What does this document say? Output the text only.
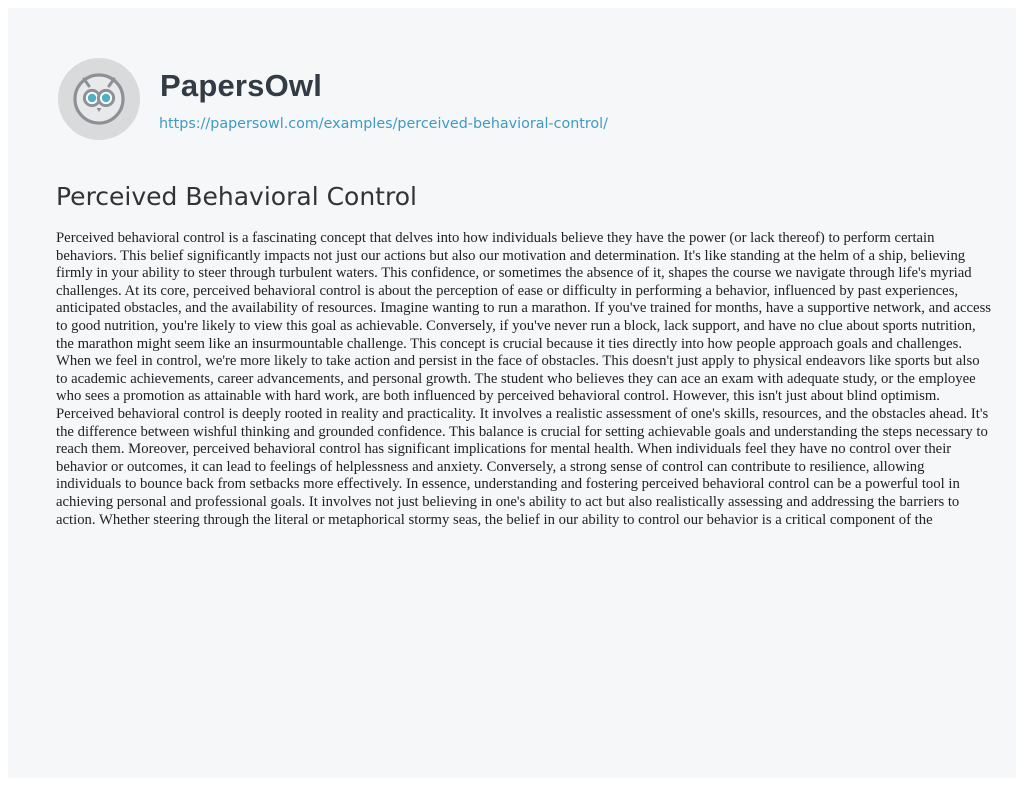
PapersOwl
https://papersowl.com/examples/perceived-behavioral-control/
Perceived Behavioral Control

Perceived behavioral control is a fascinating concept that delves into how individuals believe they have the power (or lack thereof) to perform certain behaviors. This belief significantly impacts not just our actions but also our motivation and determination. It's like standing at the helm of a ship, believing firmly in your ability to steer through turbulent waters. This confidence, or sometimes the absence of it, shapes the course we navigate through life's myriad challenges. At its core, perceived behavioral control is about the perception of ease or difficulty in performing a behavior, influenced by past experiences, anticipated obstacles, and the availability of resources. Imagine wanting to run a marathon. If you've trained for months, have a supportive network, and access to good nutrition, you're likely to view this goal as achievable. Conversely, if you've never run a block, lack support, and have no clue about sports nutrition, the marathon might seem like an insurmountable challenge. This concept is crucial because it ties directly into how people approach goals and challenges. When we feel in control, we're more likely to take action and persist in the face of obstacles. This doesn't just apply to physical endeavors like sports but also to academic achievements, career advancements, and personal growth. The student who believes they can ace an exam with adequate study, or the employee who sees a promotion as attainable with hard work, are both influenced by perceived behavioral control. However, this isn't just about blind optimism. Perceived behavioral control is deeply rooted in reality and practicality. It involves a realistic assessment of one's skills, resources, and the obstacles ahead. It's the difference between wishful thinking and grounded confidence. This balance is crucial for setting achievable goals and understanding the steps necessary to reach them. Moreover, perceived behavioral control has significant implications for mental health. When individuals feel they have no control over their behavior or outcomes, it can lead to feelings of helplessness and anxiety. Conversely, a strong sense of control can contribute to resilience, allowing individuals to bounce back from setbacks more effectively. In essence, understanding and fostering perceived behavioral control can be a powerful tool in achieving personal and professional goals. It involves not just believing in one's ability to act but also realistically assessing and addressing the barriers to action. Whether steering through the literal or metaphorical stormy seas, the belief in our ability to control our behavior is a critical component of the
